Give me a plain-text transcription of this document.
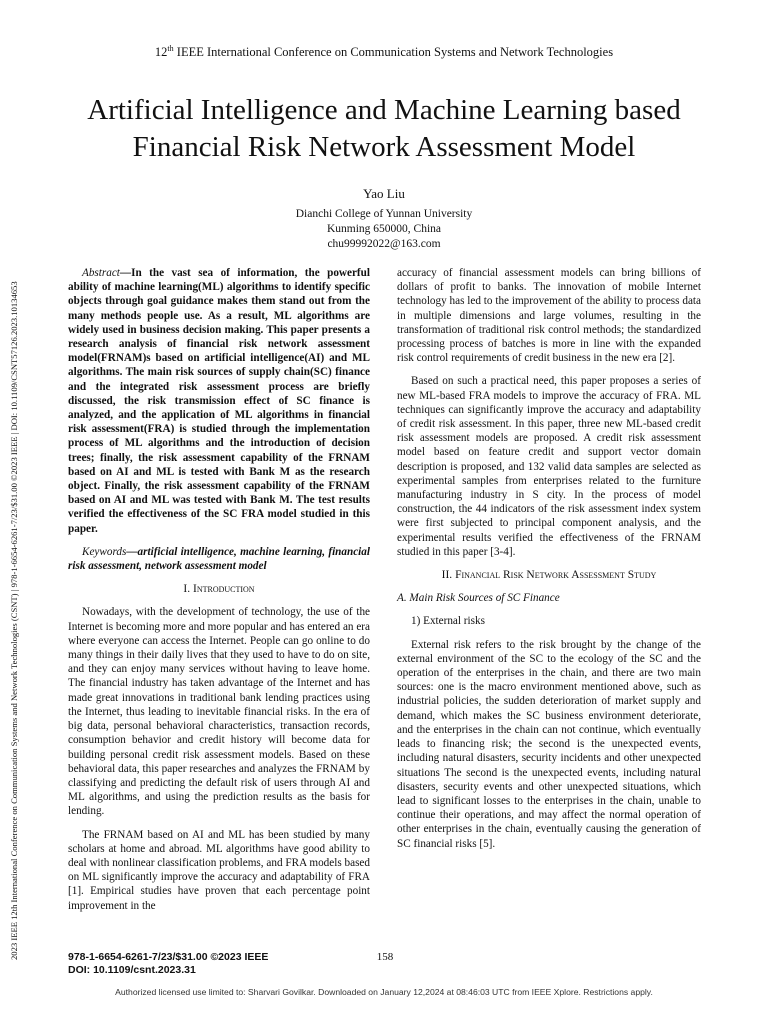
12th IEEE International Conference on Communication Systems and Network Technologies
2023 IEEE 12th International Conference on Communication Systems and Network Technologies (CSNT) | 978-1-6654-6261-7/23/$31.00 ©2023 IEEE | DOI: 10.1109/CSNT57126.2023.10134653
Artificial Intelligence and Machine Learning based
Financial Risk Network Assessment Model
Yao Liu
Dianchi College of Yunnan University
Kunming 650000, China
chu99992022@163.com

Abstract—In the vast sea of information, the powerful ability of machine learning(ML) algorithms to identify specific objects through goal guidance makes them stand out from the many methods people use. As a result, ML algorithms are widely used in business decision making. This paper presents a research analysis of financial risk network assessment model(FRNAM)s based on artificial intelligence(AI) and ML algorithms. The main risk sources of supply chain(SC) finance and the integrated risk assessment process are briefly discussed, the risk transmission effect of SC finance is analyzed, and the application of ML algorithms in financial risk assessment(FRA) is studied through the implementation process of ML algorithms and the introduction of decision trees; finally, the risk assessment capability of the FRNAM based on AI and ML is tested with Bank M as the research object. Finally, the risk assessment capability of the FRNAM based on AI and ML was tested with Bank M. The test results verified the effectiveness of the SC FRA model studied in this paper.

Keywords—artificial intelligence, machine learning, financial risk assessment, network assessment model

I. Introduction

Nowadays, with the development of technology, the use of the Internet is becoming more and more popular and has entered an era where everyone can access the Internet. People can go online to do many things in their daily lives that they used to have to do on site, and they can enjoy many services without having to leave home. The financial industry has taken advantage of the Internet and has made great innovations in traditional bank lending practices using the Internet, thus leading to inevitable financial risks. In the era of big data, personal behavioral characteristics, transaction records, consumption behavior and credit history will become data for building personal credit risk assessment models. Based on these behavioral data, this paper researches and analyzes the FRNAM by classifying and predicting the default risk of users through AI and ML algorithms, and using the prediction results as the basis for lending.

The FRNAM based on AI and ML has been studied by many scholars at home and abroad. ML algorithms have good ability to deal with nonlinear classification problems, and FRA models based on ML significantly improve the accuracy and adaptability of FRA [1]. Empirical studies have proven that each percentage point improvement in the

accuracy of financial assessment models can bring billions of dollars of profit to banks. The innovation of mobile Internet technology has led to the improvement of the ability to process data in multiple dimensions and large volumes, resulting in the transformation of traditional risk control methods; the standardized processing process of batches is more in line with the expanded risk control requirements of credit business in the new era [2].

Based on such a practical need, this paper proposes a series of new ML-based FRA models to improve the accuracy of FRA. ML techniques can significantly improve the accuracy and adaptability of credit risk assessment. In this paper, three new ML-based credit risk assessment models are proposed. A credit risk assessment model based on feature credit and support vector domain description is proposed, and 132 valid data samples are selected as experimental samples from enterprises related to the furniture manufacturing industry in S city. In the process of model construction, the 44 indicators of the risk assessment index system were first subjected to principal component analysis, and the experimental results verified the effectiveness of the FRNAM studied in this paper [3-4].

II. Financial Risk Network Assessment Study

A. Main Risk Sources of SC Finance

1) External risks

External risk refers to the risk brought by the change of the external environment of the SC to the ecology of the SC and the operation of the enterprises in the chain, and there are two main sources: one is the macro environment mentioned above, such as industrial policies, the sudden deterioration of market supply and demand, which makes the SC business environment deteriorate, and the enterprises in the chain can not continue, which eventually leads to financing risk; the second is the unexpected events, including natural disasters, security incidents and other unexpected situations The second is the unexpected events, including natural disasters, security events and other unexpected situations, which lead to significant losses to the enterprises in the chain, unable to continue their operations, and may affect the normal operation of other enterprises in the chain, eventually causing the generation of SC financial risks [5].

978-1-6654-6261-7/23/$31.00 ©2023 IEEE
DOI: 10.1109/csnt.2023.31
158
Authorized licensed use limited to: Sharvari Govilkar. Downloaded on January 12,2024 at 08:46:03 UTC from IEEE Xplore. Restrictions apply.
